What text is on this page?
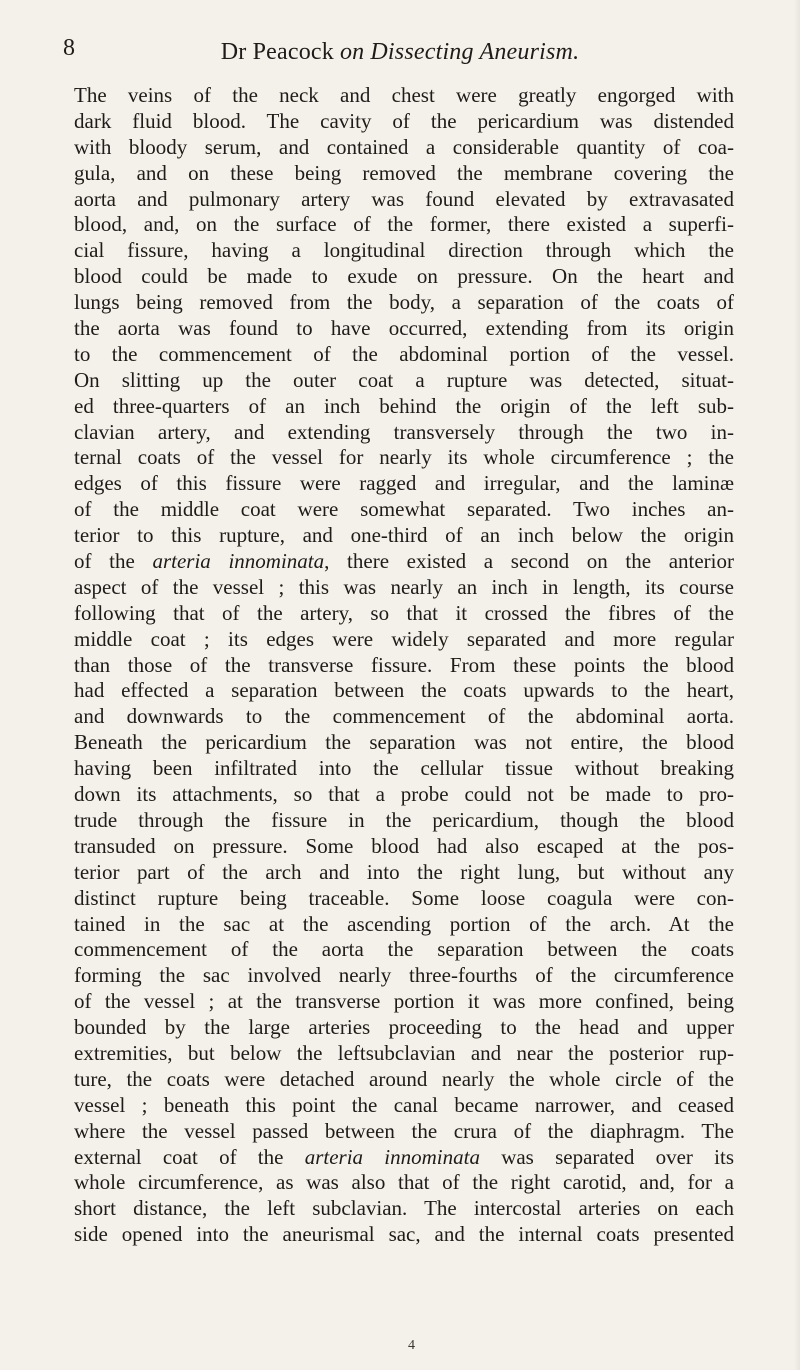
8	Dr Peacock on Dissecting Aneurism.
The veins of the neck and chest were greatly engorged with
dark fluid blood. The cavity of the pericardium was distended
with bloody serum, and contained a considerable quantity of coa-
gula, and on these being removed the membrane covering the
aorta and pulmonary artery was found elevated by extravasated
blood, and, on the surface of the former, there existed a superfi-
cial fissure, having a longitudinal direction through which the
blood could be made to exude on pressure. On the heart and
lungs being removed from the body, a separation of the coats of
the aorta was found to have occurred, extending from its origin
to the commencement of the abdominal portion of the vessel.
On slitting up the outer coat a rupture was detected, situat-
ed three-quarters of an inch behind the origin of the left sub-
clavian artery, and extending transversely through the two in-
ternal coats of the vessel for nearly its whole circumference ; the
edges of this fissure were ragged and irregular, and the laminæ
of the middle coat were somewhat separated. Two inches an-
terior to this rupture, and one-third of an inch below the origin
of the arteria innominata, there existed a second on the anterior
aspect of the vessel ; this was nearly an inch in length, its course
following that of the artery, so that it crossed the fibres of the
middle coat ; its edges were widely separated and more regular
than those of the transverse fissure. From these points the blood
had effected a separation between the coats upwards to the heart,
and downwards to the commencement of the abdominal aorta.
Beneath the pericardium the separation was not entire, the blood
having been infiltrated into the cellular tissue without breaking
down its attachments, so that a probe could not be made to pro-
trude through the fissure in the pericardium, though the blood
transuded on pressure. Some blood had also escaped at the pos-
terior part of the arch and into the right lung, but without any
distinct rupture being traceable. Some loose coagula were con-
tained in the sac at the ascending portion of the arch. At the
commencement of the aorta the separation between the coats
forming the sac involved nearly three-fourths of the circumference
of the vessel ; at the transverse portion it was more confined, being
bounded by the large arteries proceeding to the head and upper
extremities, but below the leftsubclavian and near the posterior rup-
ture, the coats were detached around nearly the whole circle of the
vessel ; beneath this point the canal became narrower, and ceased
where the vessel passed between the crura of the diaphragm. The
external coat of the arteria innominata was separated over its
whole circumference, as was also that of the right carotid, and, for a
short distance, the left subclavian. The intercostal arteries on each
side opened into the aneurismal sac, and the internal coats presented
4
